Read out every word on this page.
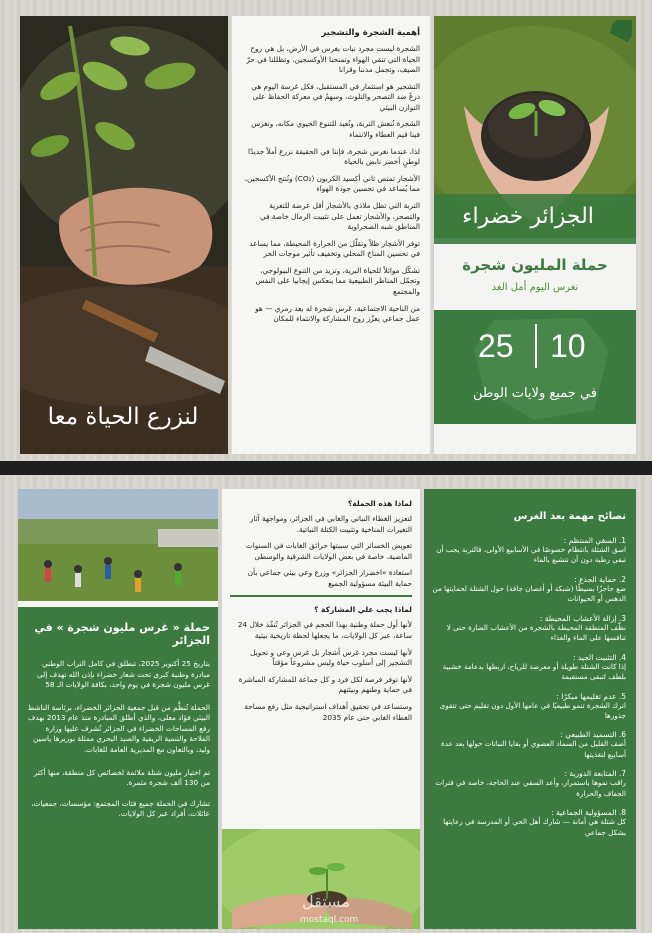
لنزرع الحياة معا
أهمية الشجرة والتشجير

الشجرة ليست مجرد نبات يغرس في الأرض، بل هي روح الحياة التي تنقي الهواء وتمنحنا الأوكسجين، وتظللنا في حرّ الصيف، وتجمل مدننا وقرانا

التشجير هو استثمار في المستقبل، فكل غرسة اليوم هي درعٌ ضد التصحر والتلوث، وسهمٌ في معركة الحفاظ على التوازن البيئي

الشجرة تُنعش التربة، وتُعيد للتنوع الحيوي مكانه، وتغرس فينا قيم العطاء والانتماء

لذا، عندما نغرس شجرة، فإننا في الحقيقة نزرع أملاً جديدًا لوطنٍ أخضر نابض بالحياة

الأشجار تمتص ثاني أكسيد الكربون (CO₂) وتُنتج الأكسجين، مما يُساعد في تحسين جودة الهواء

التربة التي تظل ملاذي بالأشجار أقل عرضة للتعرية والتصحر، والأشجار تعمل على تثبيت الرمال خاصة في المناطق شبه الصحراوية

توفر الأشجار ظلاً وتقلّل من الحرارة المحيطة، مما يساعد في تحسين المناخ المحلي وتخفيف تأثير موجات الحر

تشكّل موائلاً للحياة البرية، وتزيد من التنوع البيولوجي، وتجمّل المناظر الطبيعية مما ينعكس إيجابيا على النفس والمجتمع

من الناحية الاجتماعية، غرس شجرة له بعد رمزي — هو عمل جماعي يعزّز روح المشاركة والانتماء للمكان

الجزائر خضراء
حملة المليون شجرة
نغرس اليوم أمل الغد
25 10
في جميع ولايات الوطن
حملة « غرس مليون شجرة » في الجزائر

بتاريخ 25 أكتوبر 2025، تنطلق في كامل التراب الوطني مبادرة وطنية كبرى تحت شعار خضراء بإذن الله تهدف إلى غرس مليون شجرة في يوم واحد، بكافة الولايات الـ 58

الحملة تُنظَّم من قبل جمعية الجزائر الخضراء، برئاسة الناشط البيئي فؤاد معلى، والذي أطلق المبادرة منذ عام 2013 بهدف رفع المساحات الخضراء في الجزائر تُشرف عليها وزارة الفلاحة والتنمية الريفية والصيد البحري ممثلة بوزيرها ياسين وليد، وبالتعاون مع المديرية العامة للغابات.

تم اختيار مليون شتلة ملائمة لخصائص كل منطقة، منها أكثر من 130 ألف شجرة مثمرة.

تشارك في الحملة جميع فئات المجتمع: مؤسسات، جمعيات، عائلات، أفراد عبر كل الولايات.

لماذا هذه الحملة؟

لتعزيز الغطاء النباتي والغابي في الجزائر، ومواجهة آثار التغيرات المناخية وتثبيت الكتلة النباتية.

تعويض الخسائر التي سببتها حرائق الغابات في السنوات الماضية، خاصة في بعض الولايات الشرقية والوسطى

استعادة «اخضرار الجزائر» وزرع وعي بيئي جماعي بأن حماية البيئة مسؤولية الجميع

لماذا يجب علي المشاركة ؟

لأنها أول حملة وطنية بهذا الحجم في الجزائر تُنفّذ خلال 24 ساعة، عبر كل الولايات، ما يجعلها لحظة تاريخية بيئية

لأنها ليست مجرد غرس أشجار بل غرس وعي و تحويل التشجير إلى أسلوب حياة وليس مشروعاً مؤقتاً

لأنها توفر فرصة لكل فرد و كل جماعة للمشاركة المباشرة في حماية وطنهم وبيئتهم

وستساعد في تحقيق أهداف استراتيجية مثل رفع مساحة الغطاء الغابي حتى عام 2035

مستقل
mostaql.com
نصائح مهمة بعد الغرس
1. السقي المنتظم :
اسق الشتلة بانتظام خصوصًا في الأسابيع الأولى، فالتربة يجب أن تبقى رطبة دون أن تتشبع بالماء
2. حماية الجذع :
ضع حاجزًا بسيطًا (شبكة أو أغصان جافة) حول الشتلة لحمايتها من الدهس أو الحيوانات
3. إزالة الأعشاب المحيطة :
نظّف المنطقة المحيطة بالشجرة من الأعشاب الضارة حتى لا تنافسها على الماء والغذاء
4. التثبيت الجيد :
إذا كانت الشتلة طويلة أو معرضة للرياح، اربطها بدعامة خشبية بلطف لتبقى مستقيمة
5. عدم تقليمها مبكرًا :
اترك الشجرة تنمو طبيعيًا في عامها الأول دون تقليم حتى تتقوى جذورها
6. التسميد الطبيعي :
أضف القليل من السماد العضوي أو بقايا النباتات حولها بعد عدة أسابيع لتغذيتها
7. المتابعة الدورية :
راقب نموها باستمرار، وأعد السقي عند الحاجة، خاصة في فترات الجفاف والحرارة
8. المسؤولية الجماعية :
كل شتلة هي أمانة — شارك أهل الحي أو المدرسة في رعايتها بشكل جماعي
